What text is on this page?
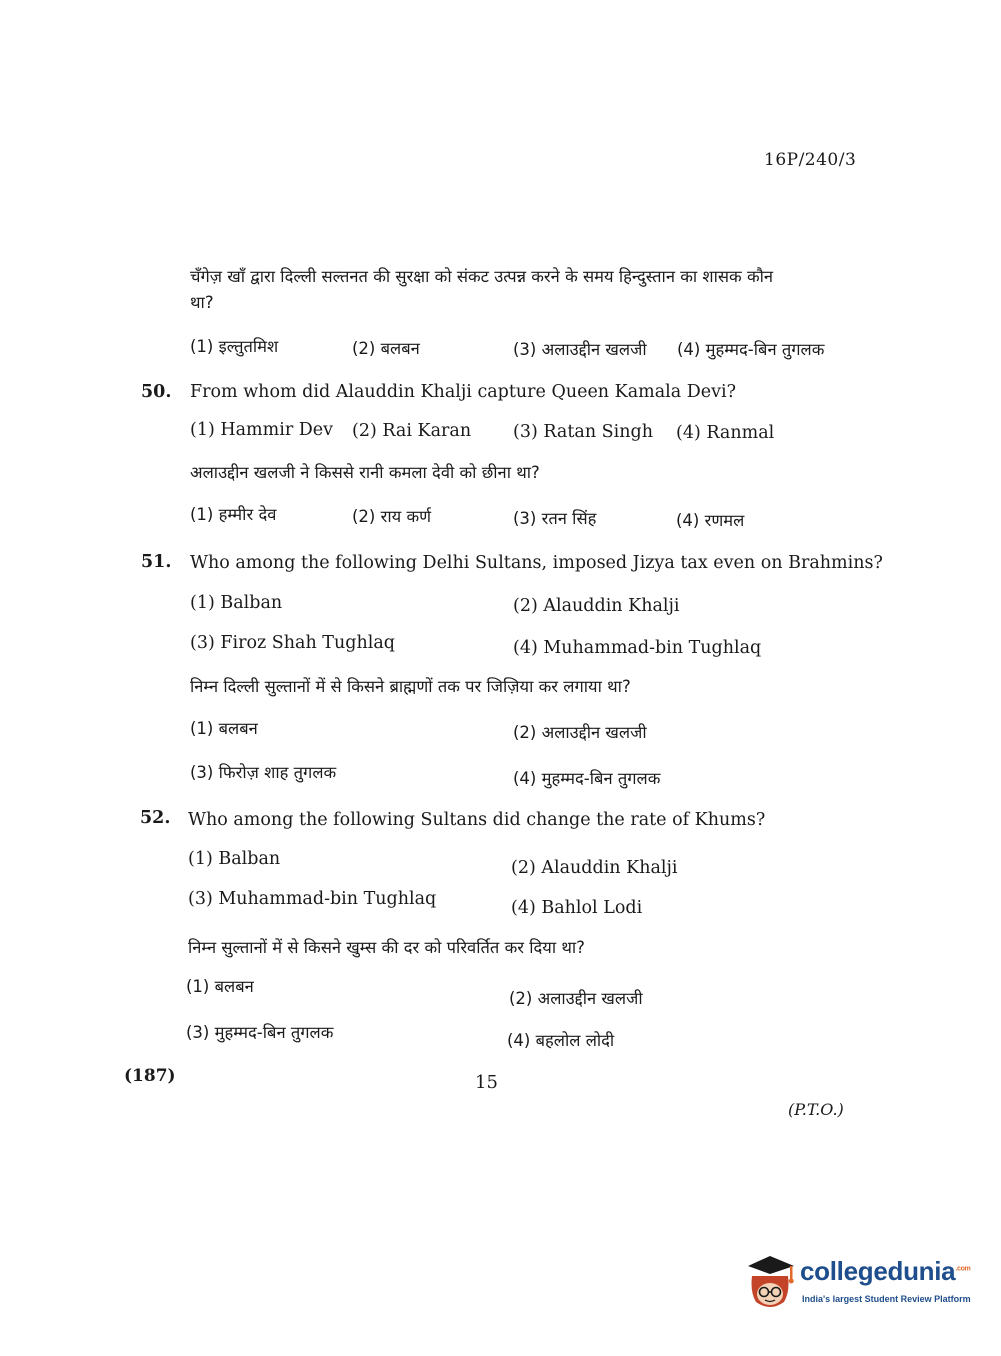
16P/240/3
चँगेज़ खाँ द्वारा दिल्ली सल्तनत की सुरक्षा को संकट उत्पन्न करने के समय हिन्दुस्तान का शासक कौन
था?
(1) इल्तुतमिश	(2) बलबन	(3) अलाउद्दीन खलजी (4) मुहम्मद-बिन तुगलक
50. From whom did Alauddin Khalji capture Queen Kamala Devi?
(1) Hammir Dev (2) Rai Karan (3) Ratan Singh (4) Ranmal
अलाउद्दीन खलजी ने किससे रानी कमला देवी को छीना था?
(1) हम्मीर देव	(2) राय कर्ण	(3) रतन सिंह	(4) रणमल
51. Who among the following Delhi Sultans, imposed Jizya tax even on Brahmins?
(1) Balban	(2) Alauddin Khalji
(3) Firoz Shah Tughlaq	(4) Muhammad-bin Tughlaq
निम्न दिल्ली सुल्तानों में से किसने ब्राह्मणों तक पर जिज़िया कर लगाया था?
(1) बलबन	(2) अलाउद्दीन खलजी
(3) फिरोज़ शाह तुगलक	(4) मुहम्मद-बिन तुगलक
52. Who among the following Sultans did change the rate of Khums?
(1) Balban	(2) Alauddin Khalji
(3) Muhammad-bin Tughlaq	(4) Bahlol Lodi
निम्न सुल्तानों में से किसने खुम्स की दर को परिवर्तित कर दिया था?
(1) बलबन
(2) अलाउद्दीन खलजी
(3) मुहम्मद-बिन तुगलक	(4) बहलोल लोदी
(187)	15
(P.T.O.)
collegedunia$^{.com}$
India's largest Student Review Platform
